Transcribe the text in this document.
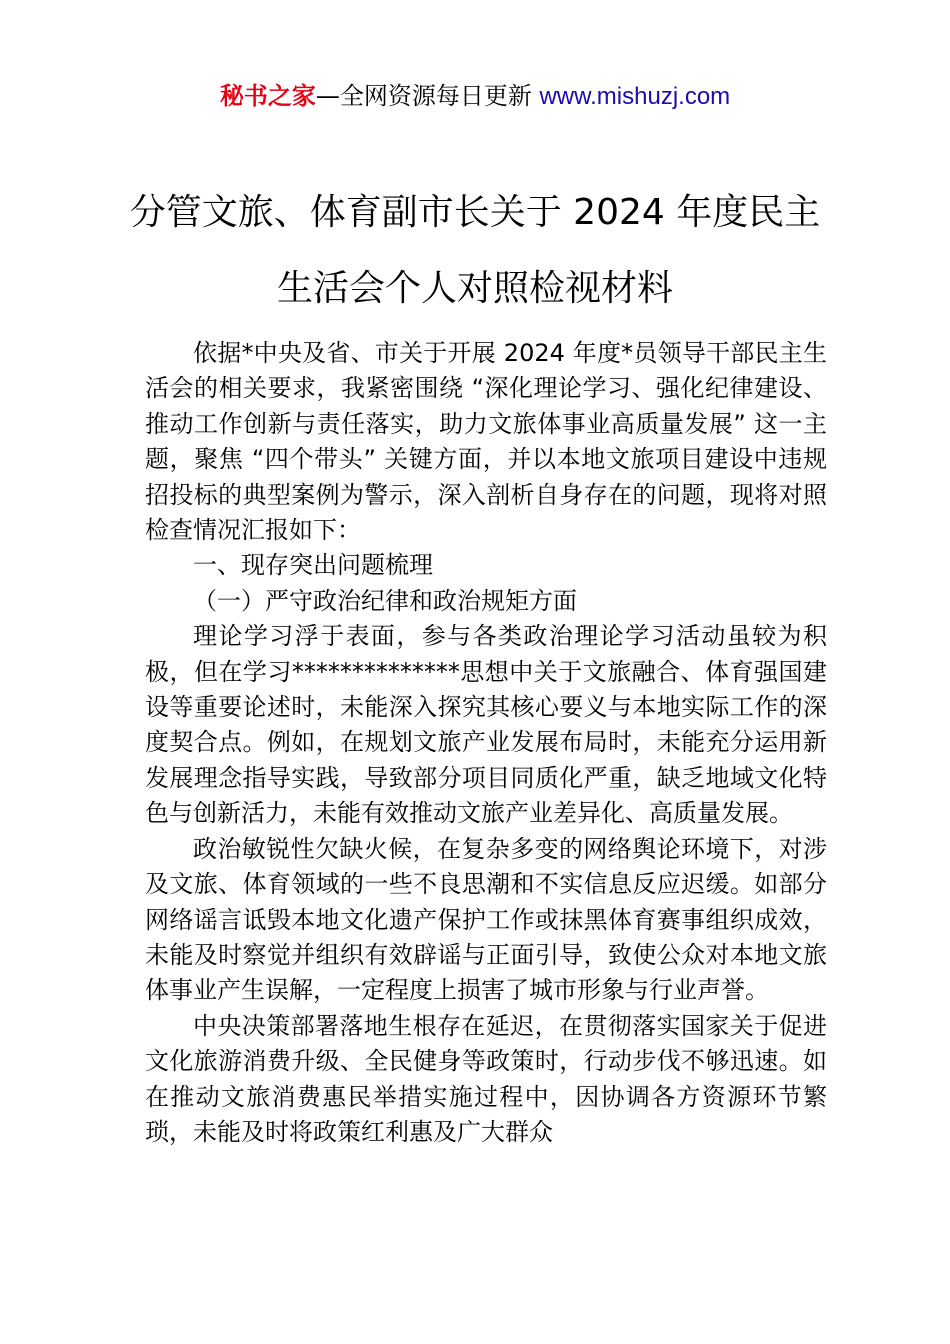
秘书之家—全网资源每日更新 www.mishuzj.com
分管文旅、体育副市长关于 2024 年度民主
生活会个人对照检视材料

依据*中央及省、市关于开展 2024 年度*员领导干部民主生活会的相关要求，我紧密围绕 “深化理论学习、强化纪律建设、推动工作创新与责任落实，助力文旅体事业高质量发展” 这一主题，聚焦 “四个带头” 关键方面，并以本地文旅项目建设中违规招投标的典型案例为警示，深入剖析自身存在的问题，现将对照检查情况汇报如下：

一、现存突出问题梳理

（一）严守政治纪律和政治规矩方面

理论学习浮于表面，参与各类政治理论学习活动虽较为积极，但在学习**************思想中关于文旅融合、体育强国建设等重要论述时，未能深入探究其核心要义与本地实际工作的深度契合点。例如，在规划文旅产业发展布局时，未能充分运用新发展理念指导实践，导致部分项目同质化严重，缺乏地域文化特色与创新活力，未能有效推动文旅产业差异化、高质量发展。

政治敏锐性欠缺火候，在复杂多变的网络舆论环境下，对涉及文旅、体育领域的一些不良思潮和不实信息反应迟缓。如部分网络谣言诋毁本地文化遗产保护工作或抹黑体育赛事组织成效，未能及时察觉并组织有效辟谣与正面引导，致使公众对本地文旅体事业产生误解，一定程度上损害了城市形象与行业声誉。

中央决策部署落地生根存在延迟，在贯彻落实国家关于促进文化旅游消费升级、全民健身等政策时，行动步伐不够迅速。如在推动文旅消费惠民举措实施过程中，因协调各方资源环节繁琐，未能及时将政策红利惠及广大群众
